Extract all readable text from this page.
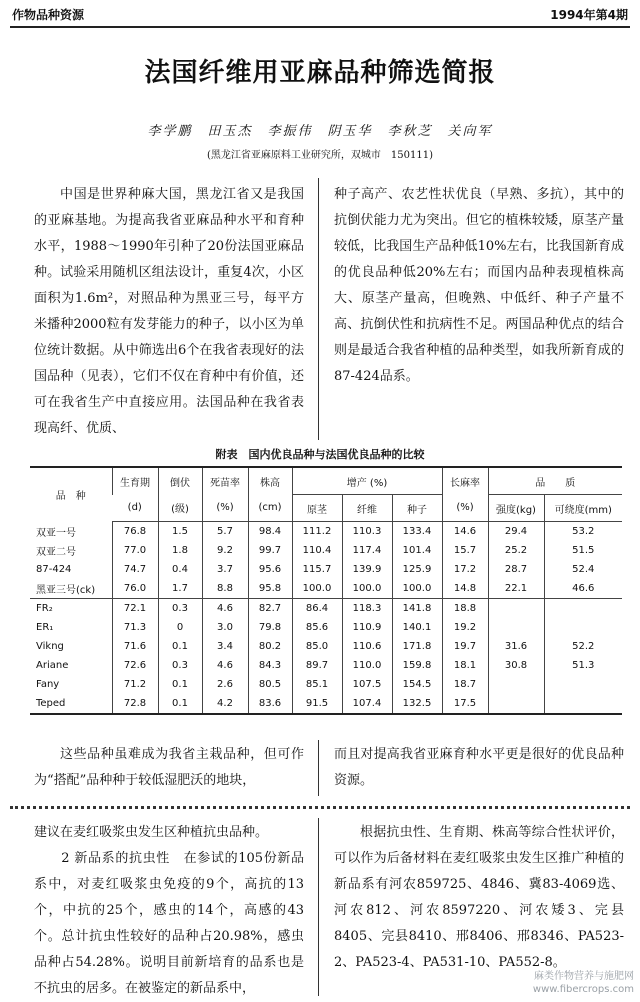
作物品种资源	1994年第4期
法国纤维用亚麻品种筛选简报
李学鹏　田玉杰　李振伟　阴玉华　李秋芝　关向军
(黑龙江省亚麻原料工业研究所，双城市　150111)

中国是世界种麻大国，黑龙江省又是我国的亚麻基地。为提高我省亚麻品种水平和育种水平，1988～1990年引种了20份法国亚麻品种。试验采用随机区组法设计，重复4次，小区面积为1.6m²，对照品种为黑亚三号，每平方米播种2000粒有发芽能力的种子，以小区为单位统计数据。从中筛选出6个在我省表现好的法国品种（见表），它们不仅在育种中有价值，还可在我省生产中直接应用。法国品种在我省表现高纤、优质、

种子高产、农艺性状优良（早熟、多抗），其中的抗倒伏能力尤为突出。但它的植株较矮，原茎产量较低，比我国生产品种低10%左右，比我国新育成的优良品种低20%左右；而国内品种表现植株高大、原茎产量高，但晚熟、中低纤、种子产量不高、抗倒伏性和抗病性不足。两国品种优点的结合则是最适合我省种植的品种类型，如我所新育成的87-424品系。

附表　国内优良品种与法国优良品种的比较
品　种	生育期	倒伏	死苗率	株高	增产 (%)			长麻率	品　　质	
	(d)	(级)	(%)	(cm)	原茎	纤维	种子	(%)	强度(kg)	可绕度(mm)
双亚一号	76.8	1.5	5.7	98.4	111.2	110.3	133.4	14.6	29.4	53.2
双亚二号	77.0	1.8	9.2	99.7	110.4	117.4	101.4	15.7	25.2	51.5
87-424	74.7	0.4	3.7	95.6	115.7	139.9	125.9	17.2	28.7	52.4
黑亚三号(ck)	76.0	1.7	8.8	95.8	100.0	100.0	100.0	14.8	22.1	46.6
FR₂	72.1	0.3	4.6	82.7	86.4	118.3	141.8	18.8		
ER₁	71.3	0	3.0	79.8	85.6	110.9	140.1	19.2		
Vikng	71.6	0.1	3.4	80.2	85.0	110.6	171.8	19.7	31.6	52.2
Ariane	72.6	0.3	4.6	84.3	89.7	110.0	159.8	18.1	30.8	51.3
Fany	71.2	0.1	2.6	80.5	85.1	107.5	154.5	18.7		
Teped	72.8	0.1	4.2	83.6	91.5	107.4	132.5	17.5		

这些品种虽难成为我省主栽品种，但可作为“搭配”品种种于较低湿肥沃的地块，

而且对提高我省亚麻育种水平更是很好的优良品种资源。

建议在麦红吸浆虫发生区种植抗虫品种。
　　2 新品系的抗虫性　在参试的105份新品系中，对麦红吸浆虫免疫的9个，高抗的13个，中抗的25个，感虫的14个，高感的43个。总计抗虫性较好的品种占20.98%，感虫品种占54.28%。说明目前新培育的品系也是不抗虫的居多。在被鉴定的新品系中，

根据抗虫性、生育期、株高等综合性状评价，可以作为后备材料在麦红吸浆虫发生区推广种植的新品系有河农859725、4846、冀83-4069选、河农812、河农8597220、河农矮3、完县8405、完县8410、邢8406、邢8346、PA523-2、PA523-4、PA531-10、PA552-8。

麻类作物营养与施肥网
www.fibercrops.com
